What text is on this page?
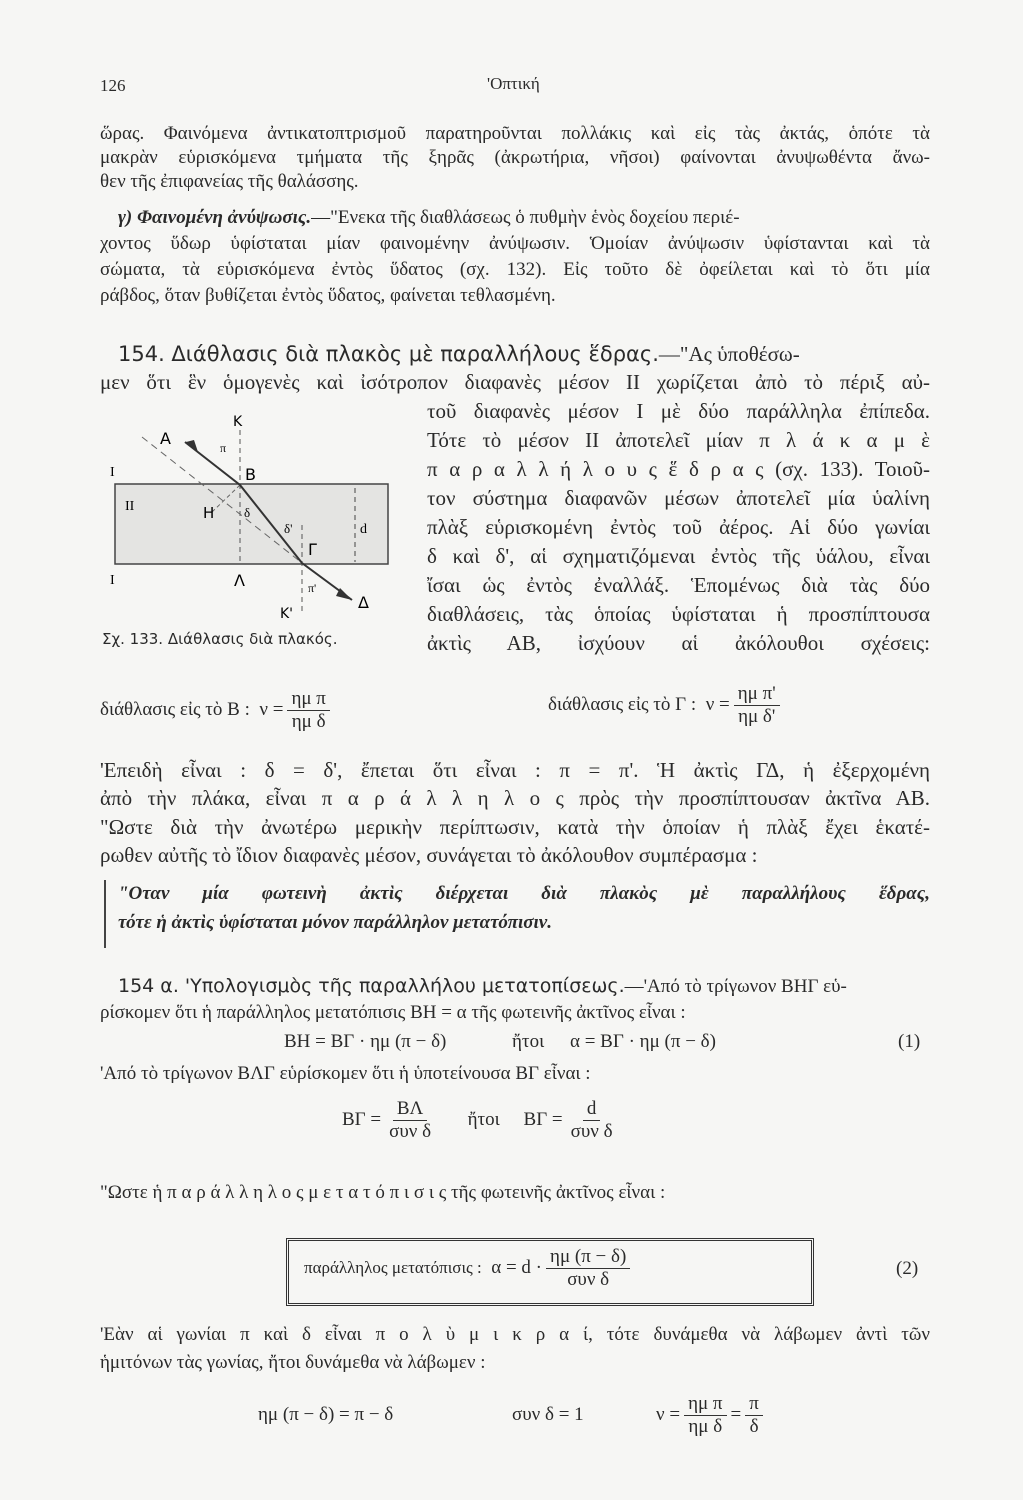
126	'Οπτική
ὥρας. Φαινόμενα ἀντικατοπτρισμοῦ παρατηροῦνται πολλάκις καὶ εἰς τὰς ἀκτάς, ὁπότε τὰ
μακρὰν εὑρισκόμενα τμήματα τῆς ξηρᾶς (ἀκρωτήρια, νῆσοι) φαίνονται ἀνυψωθέντα ἄνω-
θεν τῆς ἐπιφανείας τῆς θαλάσσης.
γ) Φαινομένη ἀνύψωσις.—"Ενεκα τῆς διαθλάσεως ὁ πυθμὴν ἑνὸς δοχείου περιέ-
χοντος ὕδωρ ὑφίσταται μίαν φαινομένην ἀνύψωσιν. Ὁμοίαν ἀνύψωσιν ὑφίστανται καὶ τὰ
σώματα, τὰ εὑρισκόμενα ἐντὸς ὕδατος (σχ. 132). Εἰς τοῦτο δὲ ὀφείλεται καὶ τὸ ὅτι μία
ράβδος, ὅταν βυθίζεται ἐντὸς ὕδατος, φαίνεται τεθλασμένη.
154. Διάθλασις διὰ πλακὸς μὲ παραλλήλους ἕδρας.—"Ας ὑποθέσω-
μεν ὅτι ἓν ὁμογενὲς καὶ ἰσότροπον διαφανὲς μέσον ΙΙ χωρίζεται ἀπὸ τὸ πέριξ αὐ-
τοῦ διαφανὲς μέσον Ι μὲ δύο παράλληλα ἐπίπεδα.
Τότε τὸ μέσον ΙΙ ἀποτελεῖ μίαν π λ ά κ α μ ὲ
π α ρ α λ λ ή λ ο υ ς ἕ δ ρ α ς (σχ. 133). Τοιοῦ-
τον σύστημα διαφανῶν μέσων ἀποτελεῖ μία ὑαλίνη
πλὰξ εὑρισκομένη ἐντὸς τοῦ ἀέρος. Αἱ δύο γωνίαι
δ καὶ δ', αἱ σχηματιζόμεναι ἐντὸς τῆς ὑάλου, εἶναι
ἴσαι ὡς ἐντὸς ἐναλλάξ. Ἑπομένως διὰ τὰς δύο
διαθλάσεις, τὰς ὁποίας ὑφίσταται ἡ προσπίπτουσα
ἀκτὶς ΑΒ, ἰσχύουν αἱ ἀκόλουθοι σχέσεις:
Α
Κ
π
Β
Ι
ΙΙ	Η δ
δ'	d
Γ
Ι	Λ	π'
Κ'
Δ
Σχ. 133. Διάθλασις διὰ πλακός.
διάθλασις εἰς τὸ Β : $\nu = \frac{\text{ημ π}}{\text{ημ δ}}$	διάθλασις εἰς τὸ Γ : $\nu = \frac{\text{ημ π'}}{\text{ημ δ'}}$
'Επειδὴ εἶναι : δ = δ', ἔπεται ὅτι εἶναι : π = π'. Ἡ ἀκτὶς ΓΔ, ἡ ἐξερχομένη
ἀπὸ τὴν πλάκα, εἶναι π α ρ ά λ λ η λ ο ς πρὸς τὴν προσπίπτουσαν ἀκτῖνα ΑΒ.
"Ωστε διὰ τὴν ἀνωτέρω μερικὴν περίπτωσιν, κατὰ τὴν ὁποίαν ἡ πλὰξ ἔχει ἑκατέ-
ρωθεν αὐτῆς τὸ ἴδιον διαφανὲς μέσον, συνάγεται τὸ ἀκόλουθον συμπέρασμα :
"Οταν μία φωτεινὴ ἀκτὶς διέρχεται διὰ πλακὸς μὲ παραλλήλους ἕδρας,
τότε ἡ ἀκτὶς ὑφίσταται μόνον παράλληλον μετατόπισιν.
154 α. 'Υπολογισμὸς τῆς παραλλήλου μετατοπίσεως.—'Από τὸ τρίγωνον ΒΗΓ εὑ-
ρίσκομεν ὅτι ἡ παράλληλος μετατόπισις ΒΗ = α τῆς φωτεινῆς ἀκτῖνος εἶναι :
ΒΗ = ΒΓ · ημ (π − δ)	ἤτοι α = ΒΓ · ημ (π − δ)	(1)
'Από τὸ τρίγωνον ΒΛΓ εὑρίσκομεν ὅτι ἡ ὑποτείνουσα ΒΓ εἶναι :
$B\Gamma = \frac{B\Lambda}{\text{συν δ}}$ ἤτοι $B\Gamma = \frac{d}{\text{συν δ}}$
"Ωστε ἡ π α ρ ά λ λ η λ ο ς μ ε τ α τ ό π ι σ ι ς τῆς φωτεινῆς ἀκτῖνος εἶναι :
παράλληλος μετατόπισις : $\alpha = d \cdot \frac{\eta\mu (\pi - \delta)}{\text{συν δ}}$	(2)
'Εὰν αἱ γωνίαι π καὶ δ εἶναι π ο λ ὺ μ ι κ ρ α ί, τότε δυνάμεθα νὰ λάβωμεν ἀντὶ τῶν
ἡμιτόνων τὰς γωνίας, ἤτοι δυνάμεθα νὰ λάβωμεν :
ημ (π − δ) = π − δ	συν δ = 1	$\nu = \frac{\text{ημ π}}{\text{ημ δ}} = \frac{\pi}{\delta}$
